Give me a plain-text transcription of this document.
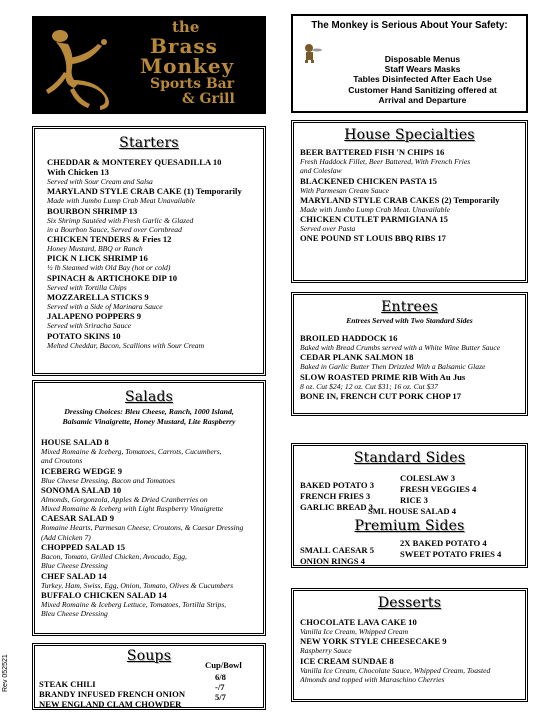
the
Brass
Monkey
Sports Bar
& Grill
The Monkey is Serious About Your Safety:
Disposable Menus
Staff Wears Masks
Tables Disinfected After Each Use
Customer Hand Sanitizing offered at
Arrival and Departure
Starters
CHEDDAR & MONTEREY QUESADILLA 10
With Chicken 13
Served with Sour Cream and Salsa
MARYLAND STYLE CRAB CAKE (1) Temporarily
Made with Jumbo Lump Crab Meat Unavailable
BOURBON SHRIMP 13
Six Shrimp Sautéed with Fresh Garlic & Glazed
in a Bourbon Sauce, Served over Cornbread
CHICKEN TENDERS & Fries 12
Honey Mustard, BBQ or Ranch
PICK N LICK SHRIMP 16
½ lb Steamed with Old Bay (hot or cold)
SPINACH & ARTICHOKE DIP 10
Served with Tortilla Chips
MOZZARELLA STICKS 9
Served with a Side of Marinara Sauce
JALAPENO POPPERS 9
Served with Sriracha Sauce
POTATO SKINS 10
Melted Cheddar, Bacon, Scallions with Sour Cream
Salads
Dressing Choices: Bleu Cheese, Ranch, 1000 Island,
Balsamic Vinaigrette, Honey Mustard, Lite Raspberry
HOUSE SALAD 8
Mixed Romaine & Iceberg, Tomatoes, Carrots, Cucumbers,
and Croutons
ICEBERG WEDGE 9
Blue Cheese Dressing, Bacon and Tomatoes
SONOMA SALAD 10
Almonds, Gorgonzola, Apples & Dried Cranberries on
Mixed Romaine & Iceberg with Light Raspberry Vinaigrette
CAESAR SALAD 9
Romaine Hearts, Parmesan Cheese, Croutons, & Caesar Dressing
(Add Chicken 7)
CHOPPED SALAD 15
Bacon, Tomato, Grilled Chicken, Avocado, Egg,
Blue Cheese Dressing
CHEF SALAD 14
Turkey, Ham, Swiss, Egg, Onion, Tomato, Olives & Cucumbers
BUFFALO CHICKEN SALAD 14
Mixed Romaine & Iceberg Lettuce, Tomatoes, Tortilla Strips,
Bleu Cheese Dressing
Soups
Cup/Bowl
STEAK CHILI
6/8
BRANDY INFUSED FRENCH ONION
-/7
NEW ENGLAND CLAM CHOWDER
5/7
House Specialties
BEER BATTERED FISH 'N CHIPS 16
Fresh Haddock Fillet, Beer Battered, With French Fries
and Coleslaw
BLACKENED CHICKEN PASTA 15
With Parmesan Cream Sauce
MARYLAND STYLE CRAB CAKES (2) Temporarily
Made with Jumbo Lump Crab Meat. Unavailable
CHICKEN CUTLET PARMIGIANA 15
Served over Pasta
ONE POUND ST LOUIS BBQ RIBS 17
Entrees
Entrees Served with Two Standard Sides
BROILED HADDOCK 16
Baked with Bread Crumbs served with a White Wine Butter Sauce
CEDAR PLANK SALMON 18
Baked in Garlic Butter Then Drizzled With a Balsamic Glaze
SLOW ROASTED PRIME RIB With Au Jus
8 oz. Cut $24; 12 oz. Cut $31; 16 oz. Cut $37
BONE IN, FRENCH CUT PORK CHOP 17
Standard Sides
BAKED POTATO 3
COLESLAW 3
FRENCH FRIES 3
FRESH VEGGIES 4
GARLIC BREAD 3
RICE 3
SML HOUSE SALAD 4
Premium Sides
SMALL CAESAR 5
2X BAKED POTATO 4
ONION RINGS 4
SWEET POTATO FRIES 4
Desserts
CHOCOLATE LAVA CAKE 10
Vanilla Ice Cream, Whipped Cream
NEW YORK STYLE CHEESECAKE 9
Raspberry Sauce
ICE CREAM SUNDAE 8
Vanilla Ice Cream, Chocolate Sauce, Whipped Cream, Toasted
Almonds and topped with Maraschino Cherries
Rev 052521
